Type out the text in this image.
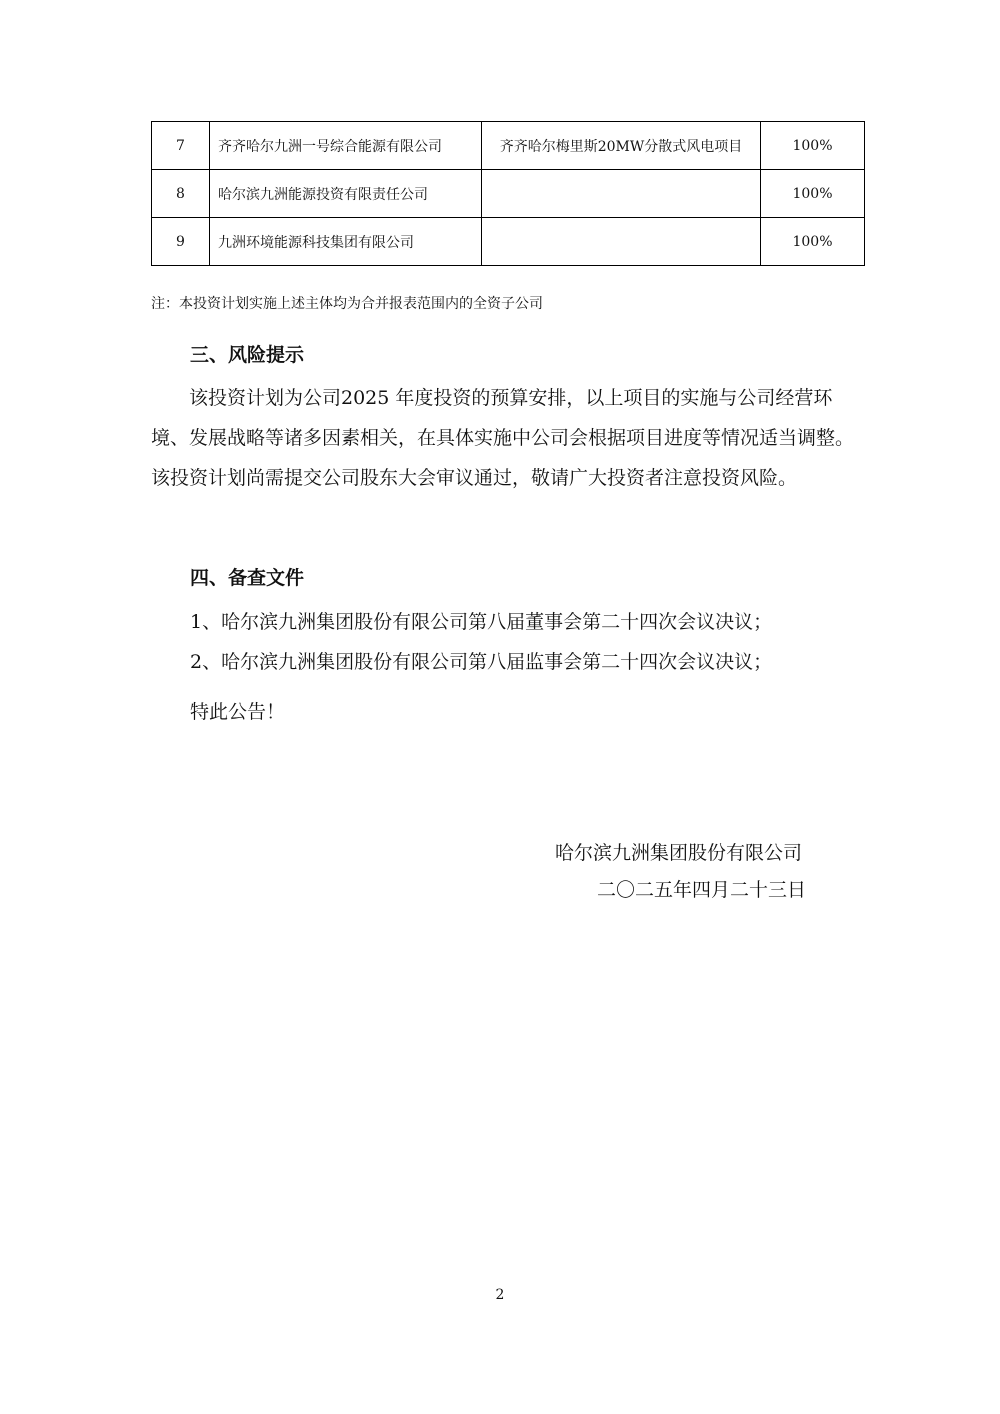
7	齐齐哈尔九洲一号综合能源有限公司	齐齐哈尔梅里斯20MW分散式风电项目	100%
8	哈尔滨九洲能源投资有限责任公司		100%
9	九洲环境能源科技集团有限公司		100%
注：本投资计划实施上述主体均为合并报表范围内的全资子公司
三、风险提示
该投资计划为公司2025 年度投资的预算安排，以上项目的实施与公司经营环境、发展战略等诸多因素相关，在具体实施中公司会根据项目进度等情况适当调整。该投资计划尚需提交公司股东大会审议通过，敬请广大投资者注意投资风险。
四、备查文件
1、哈尔滨九洲集团股份有限公司第八届董事会第二十四次会议决议；
2、哈尔滨九洲集团股份有限公司第八届监事会第二十四次会议决议；
特此公告！
哈尔滨九洲集团股份有限公司
二〇二五年四月二十三日
2
